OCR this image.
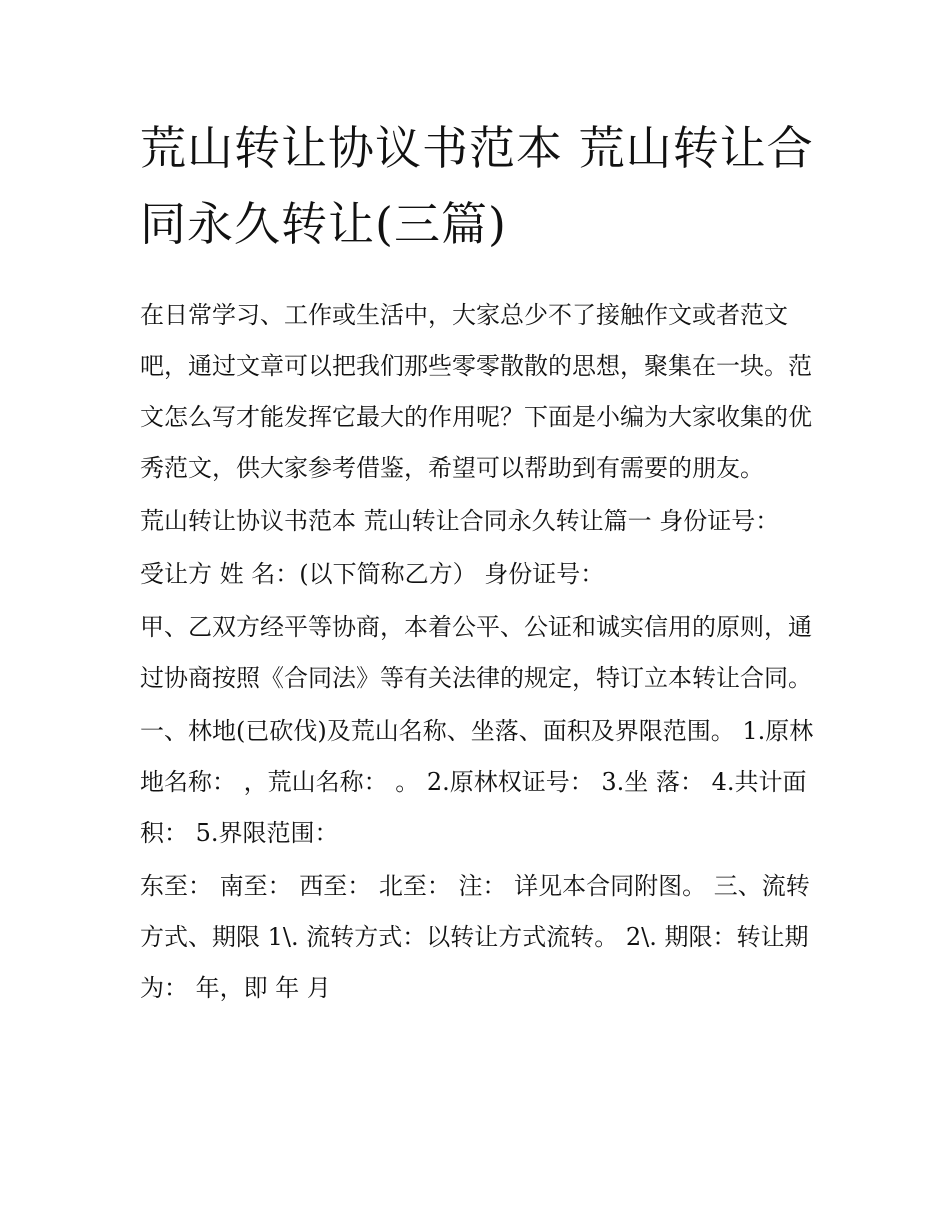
荒山转让协议书范本 荒山转让合同永久转让(三篇)

在日常学习、工作或生活中，大家总少不了接触作文或者范文吧，通过文章可以把我们那些零零散散的思想，聚集在一块。范文怎么写才能发挥它最大的作用呢？下面是小编为大家收集的优秀范文，供大家参考借鉴，希望可以帮助到有需要的朋友。

荒山转让协议书范本 荒山转让合同永久转让篇一 身份证号：

受让方 姓 名：(以下简称乙方） 身份证号：

甲、乙双方经平等协商，本着公平、公证和诚实信用的原则，通过协商按照《合同法》等有关法律的规定，特订立本转让合同。

一、林地(已砍伐)及荒山名称、坐落、面积及界限范围。 1.原林地名称： ，荒山名称： 。 2.原林权证号： 3.坐 落： 4.共计面积： 5.界限范围：

东至： 南至： 西至： 北至： 注： 详见本合同附图。 三、流转方式、期限 1\. 流转方式：以转让方式流转。 2\. 期限：转让期为： 年，即 年 月
